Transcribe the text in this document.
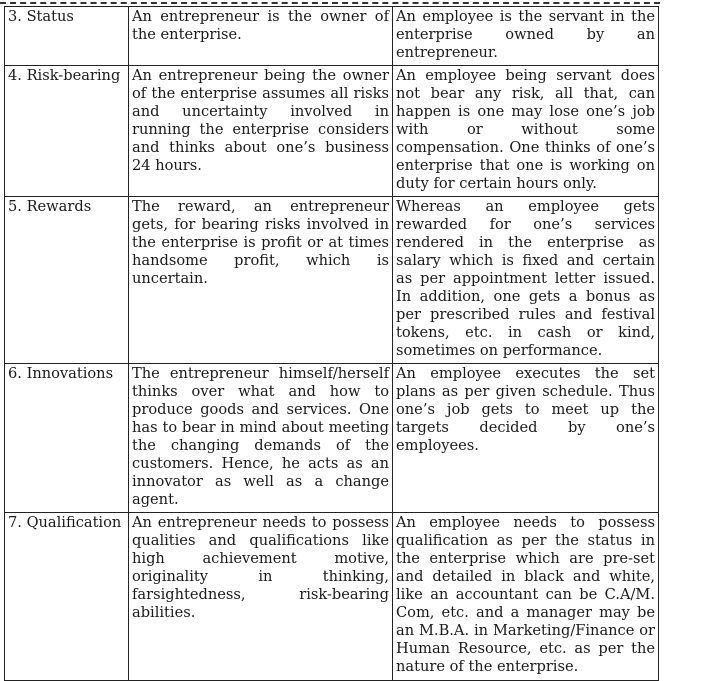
3. Status	An entrepreneur is the owner of the enterprise.	An employee is the servant in the enterprise owned by an entrepreneur.

4. Risk-bearing	An entrepreneur being the owner of the enterprise assumes all risks and uncertainty involved in running the enterprise considers and thinks about one’s business 24 hours.	An employee being servant does not bear any risk, all that, can happen is one may lose one’s job with or without some compensation. One thinks of one’s enterprise that one is working on duty for certain hours only.

5. Rewards	The reward, an entrepreneur gets, for bearing risks involved in the enterprise is profit or at times handsome profit, which is uncertain.	Whereas an employee gets rewarded for one’s services rendered in the enterprise as salary which is fixed and certain as per appointment letter issued. In addition, one gets a bonus as per prescribed rules and festival tokens, etc. in cash or kind, sometimes on performance.

6. Innovations	The entrepreneur himself/herself thinks over what and how to produce goods and services. One has to bear in mind about meeting the changing demands of the customers. Hence, he acts as an innovator as well as a change agent.	An employee executes the set plans as per given schedule. Thus one’s job gets to meet up the targets decided by one’s employees.

7. Qualification	An entrepreneur needs to possess qualities and qualifications like high achievement motive, originality in thinking, farsightedness, risk-bearing abilities.	An employee needs to possess qualification as per the status in the enterprise which are pre-set and detailed in black and white, like an accountant can be C.A/M. Com, etc. and a manager may be an M.B.A. in Marketing/Finance or Human Resource, etc. as per the nature of the enterprise.
